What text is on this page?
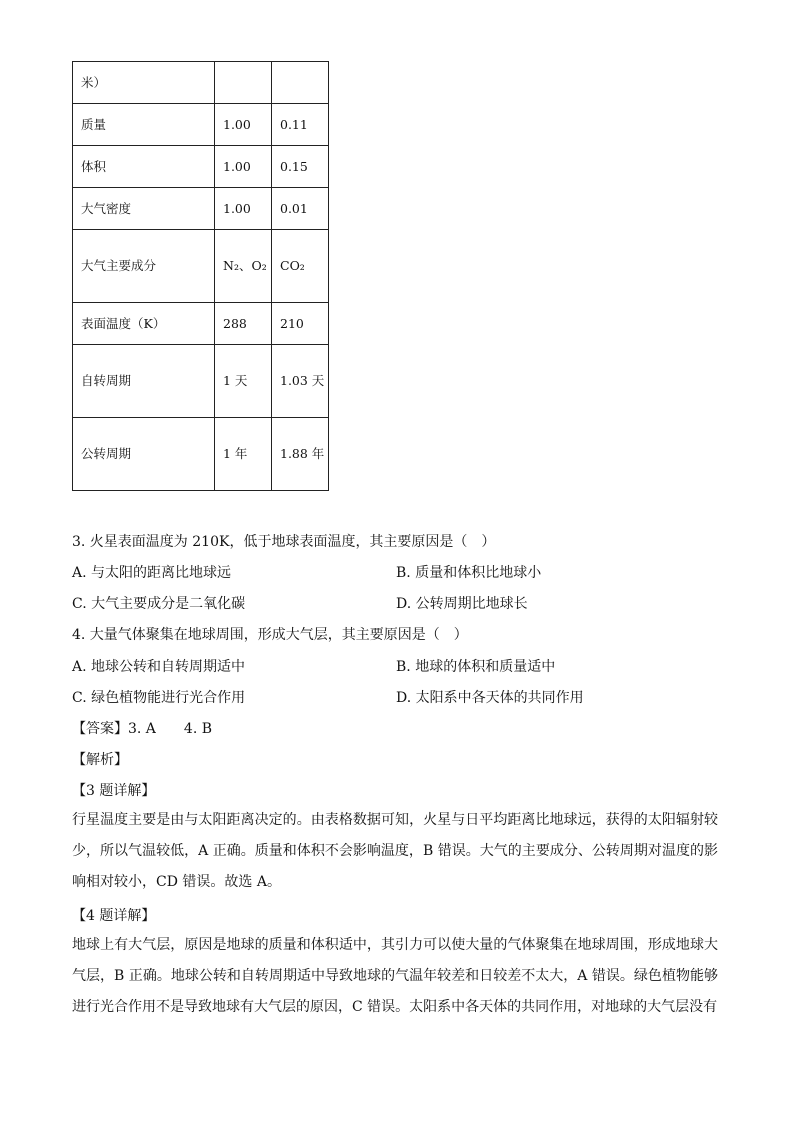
米）		
质量	1.00	0.11
体积	1.00	0.15
大气密度	1.00	0.01
大气主要成分	N₂、O₂	CO₂
表面温度（K）	288	210
自转周期	1 天	1.03 天
公转周期	1 年	1.88 年
3. 火星表面温度为 210K，低于地球表面温度，其主要原因是（　）
A. 与太阳的距离比地球远	B. 质量和体积比地球小
C. 大气主要成分是二氧化碳	D. 公转周期比地球长
4. 大量气体聚集在地球周围，形成大气层，其主要原因是（　）
A. 地球公转和自转周期适中	B. 地球的体积和质量适中
C. 绿色植物能进行光合作用	D. 太阳系中各天体的共同作用
【答案】3. A　　4. B
【解析】
【3 题详解】
行星温度主要是由与太阳距离决定的。由表格数据可知，火星与日平均距离比地球远，获得的太阳辐射较少，所以气温较低，A 正确。质量和体积不会影响温度，B 错误。大气的主要成分、公转周期对温度的影响相对较小，CD 错误。故选 A。
【4 题详解】
地球上有大气层，原因是地球的质量和体积适中，其引力可以使大量的气体聚集在地球周围，形成地球大气层，B 正确。地球公转和自转周期适中导致地球的气温年较差和日较差不太大，A 错误。绿色植物能够进行光合作用不是导致地球有大气层的原因，C 错误。太阳系中各天体的共同作用，对地球的大气层没有
